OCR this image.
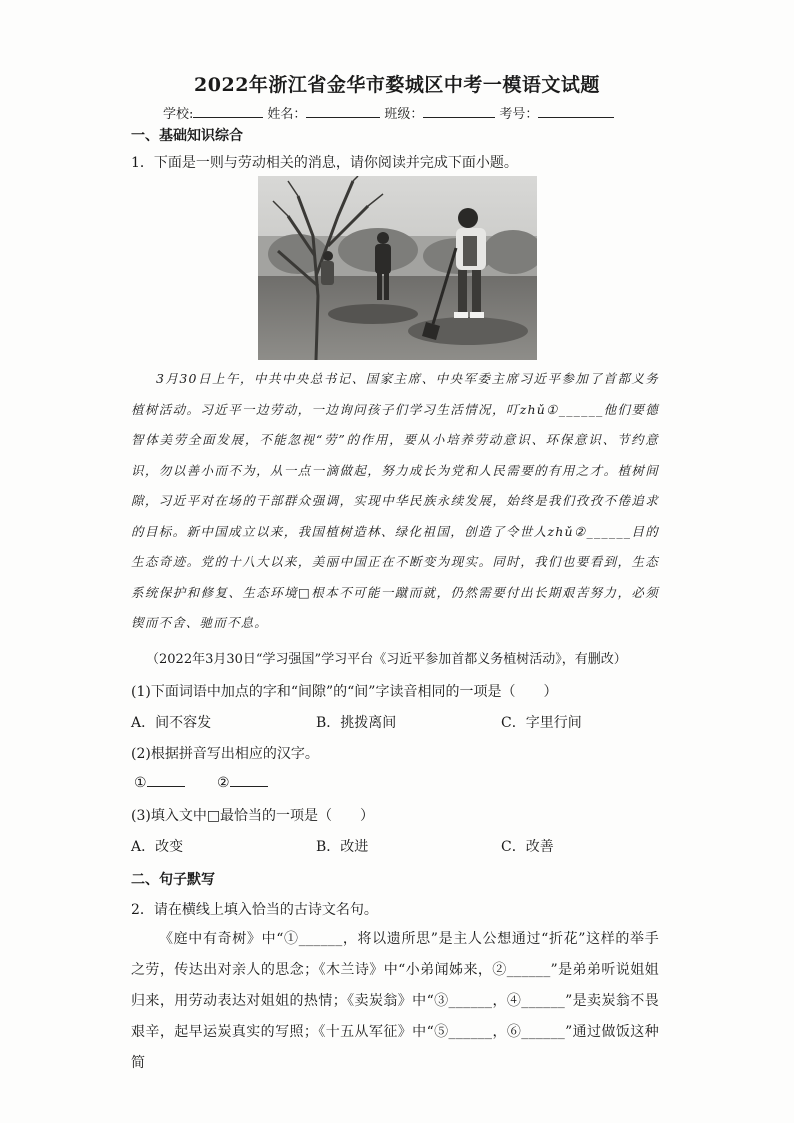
2022年浙江省金华市婺城区中考一模语文试题
学校:	姓名：	班级：	考号：
一、基础知识综合
1．下面是一则与劳动相关的消息，请你阅读并完成下面小题。

3月30日上午，中共中央总书记、国家主席、中央军委主席习近平参加了首都义务植树活动。习近平一边劳动，一边询问孩子们学习生活情况，叮zhǔ①______他们要德智体美劳全面发展，不能忽视“劳”的作用，要从小培养劳动意识、环保意识、节约意识，勿以善小而不为，从一点一滴做起，努力成长为党和人民需要的有用之才。植树间隙，习近平对在场的干部群众强调，实现中华民族永续发展，始终是我们孜孜不倦追求的目标。新中国成立以来，我国植树造林、绿化祖国，创造了令世人zhǔ②______目的生态奇迹。党的十八大以来，美丽中国正在不断变为现实。同时，我们也要看到，生态系统保护和修复、生态环境□根本不可能一蹴而就，仍然需要付出长期艰苦努力，必须锲而不舍、驰而不息。

（2022年3月30日“学习强国”学习平台《习近平参加首都义务植树活动》，有删改）
(1)下面词语中加点的字和“间隙”的“间”字读音相同的一项是（　　）
A．间不容发	B．挑拨离间	C．字里行间
(2)根据拼音写出相应的汉字。
①	②
(3)填入文中□最恰当的一项是（　　）
A．改变	B．改进	C．改善
二、句子默写
2．请在横线上填入恰当的古诗文名句。

《庭中有奇树》中“①______，将以遗所思”是主人公想通过“折花”这样的举手之劳，传达出对亲人的思念；《木兰诗》中“小弟闻姊来，②______”是弟弟听说姐姐归来，用劳动表达对姐姐的热情；《卖炭翁》中“③______，④______”是卖炭翁不畏艰辛，起早运炭真实的写照；《十五从军征》中“⑤______，⑥______”通过做饭这种简
